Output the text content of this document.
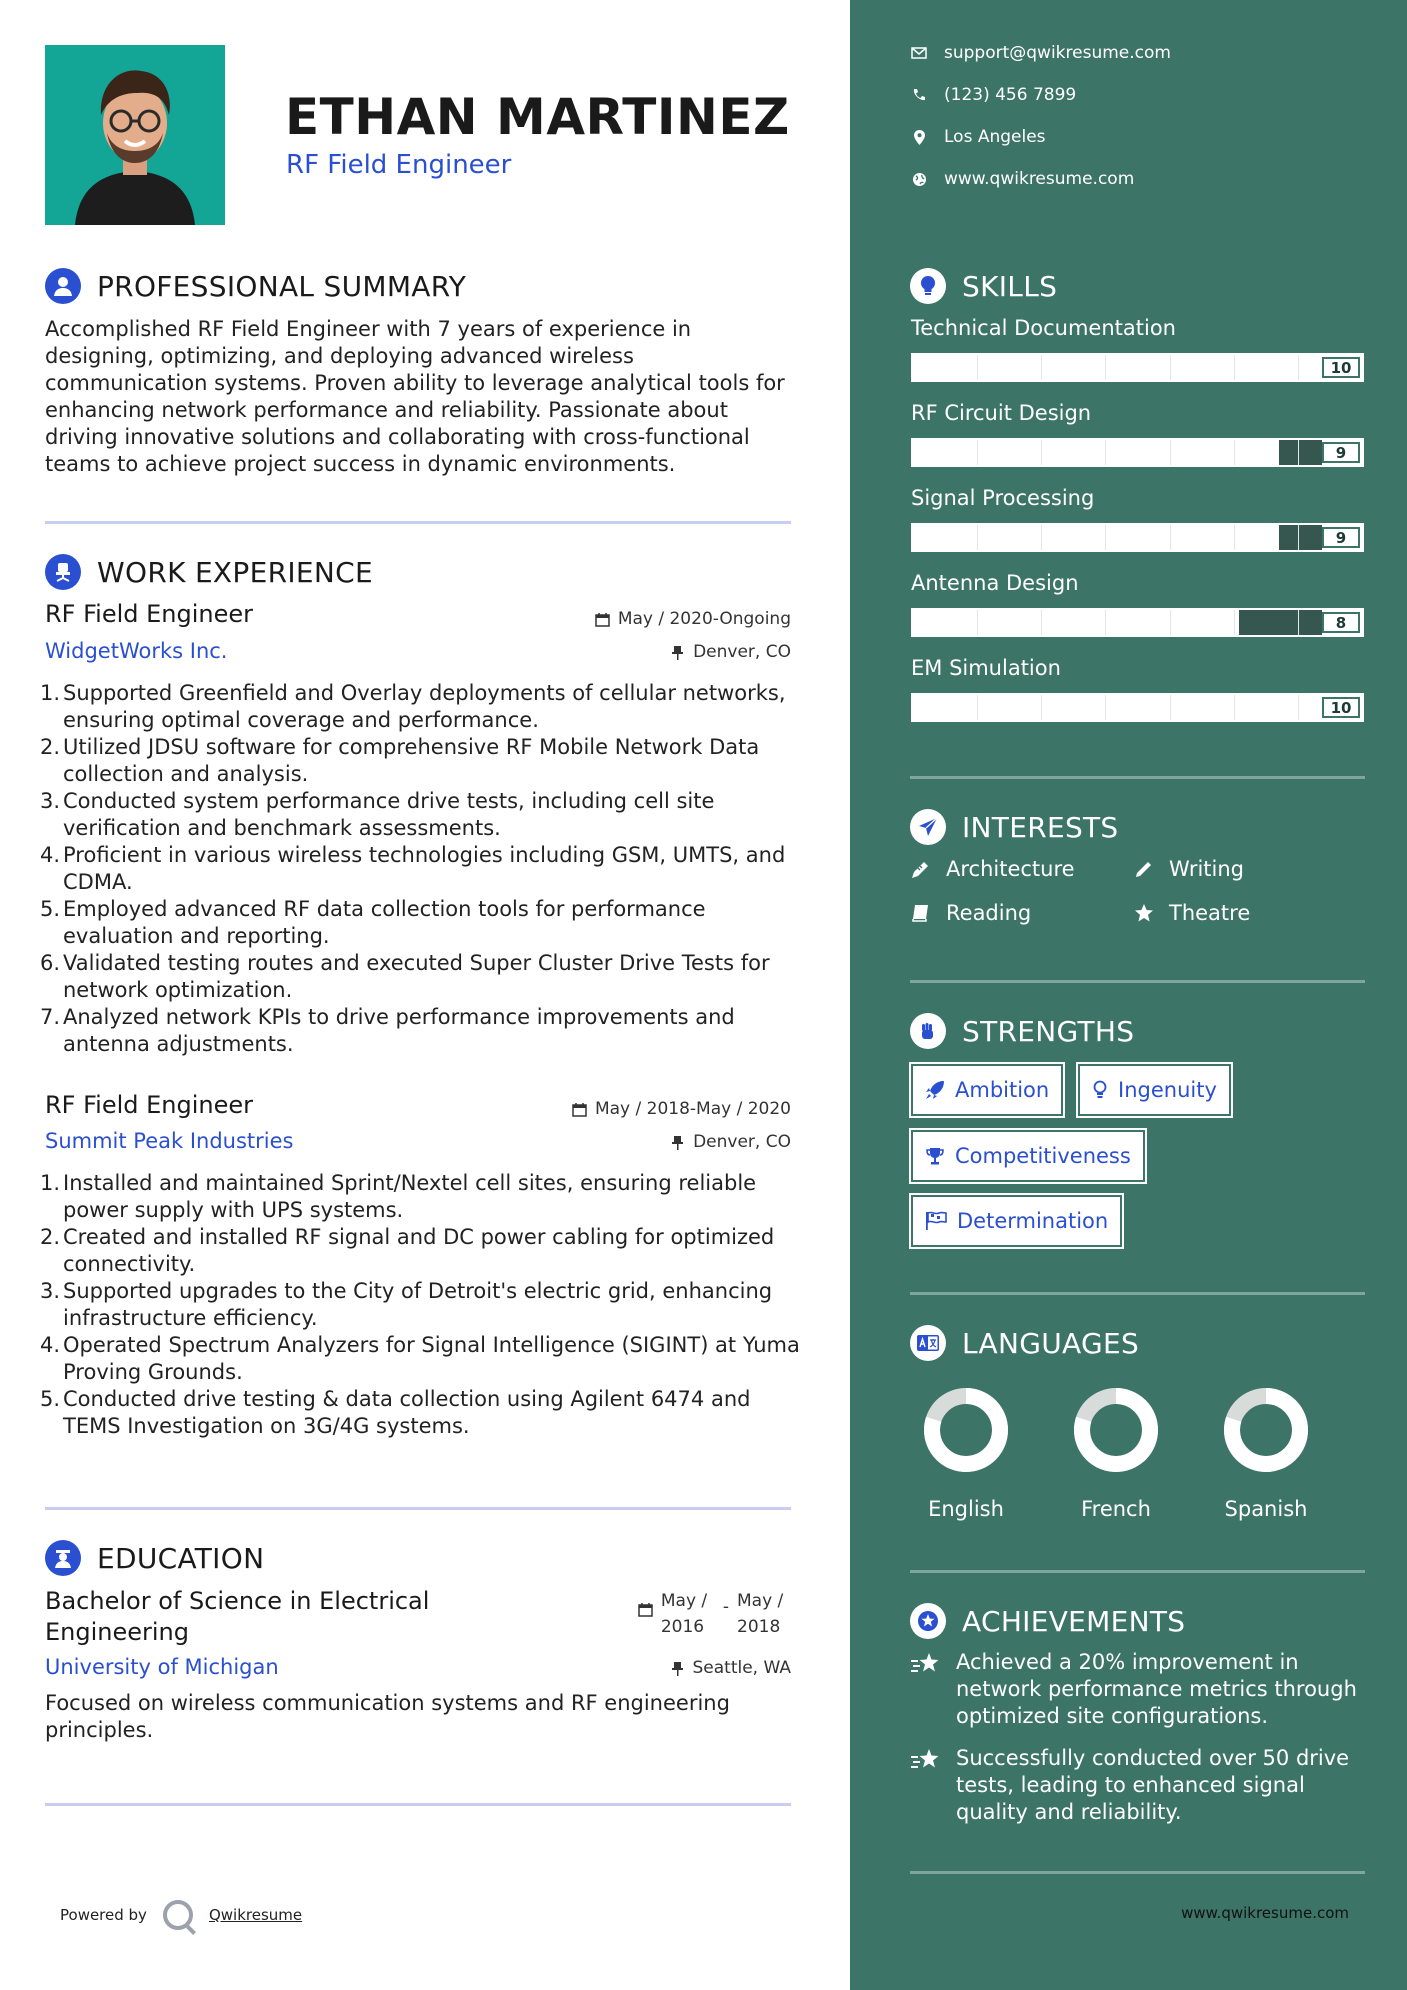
ETHAN MARTINEZ
RF Field Engineer
PROFESSIONAL SUMMARY
Accomplished RF Field Engineer with 7 years of experience in designing, optimizing, and deploying advanced wireless communication systems. Proven ability to leverage analytical tools for enhancing network performance and reliability. Passionate about driving innovative solutions and collaborating with cross-functional teams to achieve project success in dynamic environments.
WORK EXPERIENCE
RF Field Engineer	May / 2020-Ongoing
WidgetWorks Inc.	Denver, CO
1. Supported Greenfield and Overlay deployments of cellular networks, ensuring optimal coverage and performance.
2. Utilized JDSU software for comprehensive RF Mobile Network Data collection and analysis.
3. Conducted system performance drive tests, including cell site verification and benchmark assessments.
4. Proficient in various wireless technologies including GSM, UMTS, and CDMA.
5. Employed advanced RF data collection tools for performance evaluation and reporting.
6. Validated testing routes and executed Super Cluster Drive Tests for network optimization.
7. Analyzed network KPIs to drive performance improvements and antenna adjustments.
RF Field Engineer	May / 2018-May / 2020
Summit Peak Industries	Denver, CO
1. Installed and maintained Sprint/Nextel cell sites, ensuring reliable power supply with UPS systems.
2. Created and installed RF signal and DC power cabling for optimized connectivity.
3. Supported upgrades to the City of Detroit's electric grid, enhancing infrastructure efficiency.
4. Operated Spectrum Analyzers for Signal Intelligence (SIGINT) at Yuma Proving Grounds.
5. Conducted drive testing & data collection using Agilent 6474 and TEMS Investigation on 3G/4G systems.
EDUCATION
Bachelor of Science in Electrical Engineering
May / 2016
- May / 2018
University of Michigan	Seattle, WA
Focused on wireless communication systems and RF engineering principles.
Powered by	Qwikresume
support@qwikresume.com
(123) 456 7899
Los Angeles
www.qwikresume.com
SKILLS
Technical Documentation
10
RF Circuit Design
9
Signal Processing
9
Antenna Design
8
EM Simulation
10
INTERESTS
Architecture	Writing
Reading	Theatre
STRENGTHS
Ambition	Ingenuity
Competitiveness
Determination
LANGUAGES
English	French	Spanish
ACHIEVEMENTS
Achieved a 20% improvement in network performance metrics through optimized site configurations.
Successfully conducted over 50 drive tests, leading to enhanced signal quality and reliability.
www.qwikresume.com
